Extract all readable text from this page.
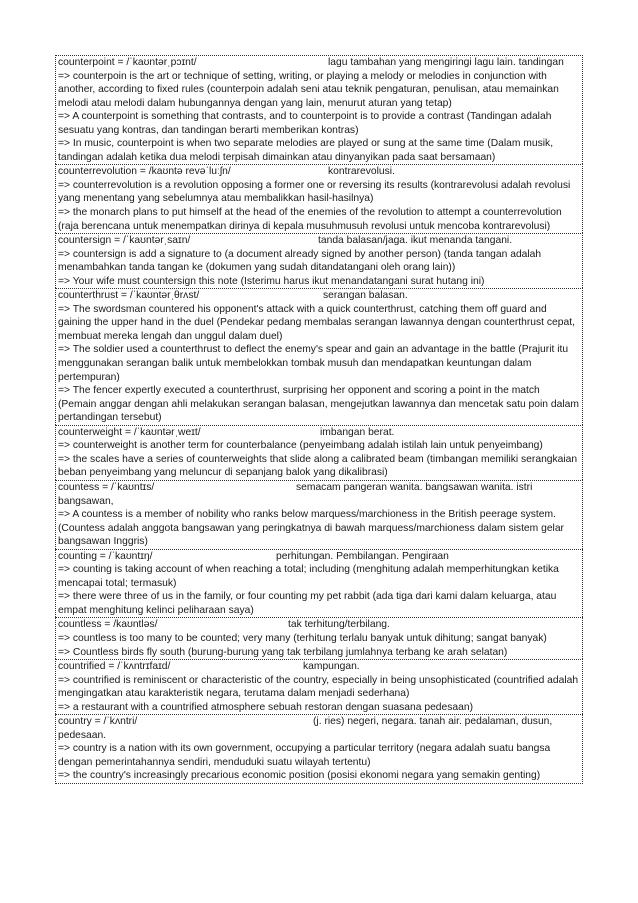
counterpoint = /ˈkaʊntərˌpɔɪnt/	lagu tambahan yang mengiringi lagu lain. tandingan
=> counterpoin is the art or technique of setting, writing, or playing a melody or melodies in conjunction with another, according to fixed rules (counterpoin adalah seni atau teknik pengaturan, penulisan, atau memainkan melodi atau melodi dalam hubungannya dengan yang lain, menurut aturan yang tetap)
=> A counterpoint is something that contrasts, and to counterpoint is to provide a contrast (Tandingan adalah sesuatu yang kontras, dan tandingan berarti memberikan kontras)
=> In music, counterpoint is when two separate melodies are played or sung at the same time (Dalam musik, tandingan adalah ketika dua melodi terpisah dimainkan atau dinyanyikan pada saat bersamaan)
counterrevolution = /kaʊntə revəˈluːʃn/	kontrarevolusi.
=> counterrevolution is a revolution opposing a former one or reversing its results (kontrarevolusi adalah revolusi yang menentang yang sebelumnya atau membalikkan hasil-hasilnya)
=> the monarch plans to put himself at the head of the enemies of the revolution to attempt a counterrevolution (raja berencana untuk menempatkan dirinya di kepala musuhmusuh revolusi untuk mencoba kontrarevolusi)
countersign = /ˈkaʊntərˌsaɪn/	tanda balasan/jaga. ikut menanda tangani.
=> countersign is add a signature to (a document already signed by another person) (tanda tangan adalah menambahkan tanda tangan ke (dokumen yang sudah ditandatangani oleh orang lain))
=> Your wife must countersign this note (Isterimu harus ikut menandatangani surat hutang ini)
counterthrust = /ˈkaʊntərˌθrʌst/	serangan balasan.
=> The swordsman countered his opponent's attack with a quick counterthrust, catching them off guard and gaining the upper hand in the duel (Pendekar pedang membalas serangan lawannya dengan counterthrust cepat, membuat mereka lengah dan unggul dalam duel)
=> The soldier used a counterthrust to deflect the enemy's spear and gain an advantage in the battle (Prajurit itu menggunakan serangan balik untuk membelokkan tombak musuh dan mendapatkan keuntungan dalam pertempuran)
=> The fencer expertly executed a counterthrust, surprising her opponent and scoring a point in the match (Pemain anggar dengan ahli melakukan serangan balasan, mengejutkan lawannya dan mencetak satu poin dalam pertandingan tersebut)
counterweight = /ˈkaʊntərˌweɪt/	imbangan berat.
=> counterweight is another term for counterbalance (penyeimbang adalah istilah lain untuk penyeimbang)
=> the scales have a series of counterweights that slide along a calibrated beam (timbangan memiliki serangkaian beban penyeimbang yang meluncur di sepanjang balok yang dikalibrasi)
countess = /ˈkaʊntɪs/	semacam pangeran wanita. bangsawan wanita. istri bangsawan,
=> A countess is a member of nobility who ranks below marquess/marchioness in the British peerage system. (Countess adalah anggota bangsawan yang peringkatnya di bawah marquess/marchioness dalam sistem gelar bangsawan Inggris)
counting = /ˈkaʊntɪŋ/	perhitungan. Pembilangan. Pengiraan
=> counting is taking account of when reaching a total; including (menghitung adalah memperhitungkan ketika mencapai total; termasuk)
=> there were three of us in the family, or four counting my pet rabbit (ada tiga dari kami dalam keluarga, atau empat menghitung kelinci peliharaan saya)
countless = /kaʊntləs/	tak terhitung/terbilang.
=> countless is too many to be counted; very many (terhitung terlalu banyak untuk dihitung; sangat banyak)
=> Countless birds fly south (burung-burung yang tak terbilang jumlahnya terbang ke arah selatan)
countrified = /ˈkʌntrɪfaɪd/	kampungan.
=> countrified is reminiscent or characteristic of the country, especially in being unsophisticated (countrified adalah mengingatkan atau karakteristik negara, terutama dalam menjadi sederhana)
=> a restaurant with a countrified atmosphere sebuah restoran dengan suasana pedesaan)
country = /ˈkʌntri/	(j. ries) negeri, negara. tanah air. pedalaman, dusun, pedesaan.
=> country is a nation with its own government, occupying a particular territory (negara adalah suatu bangsa dengan pemerintahannya sendiri, menduduki suatu wilayah tertentu)
=> the country's increasingly precarious economic position (posisi ekonomi negara yang semakin genting)
